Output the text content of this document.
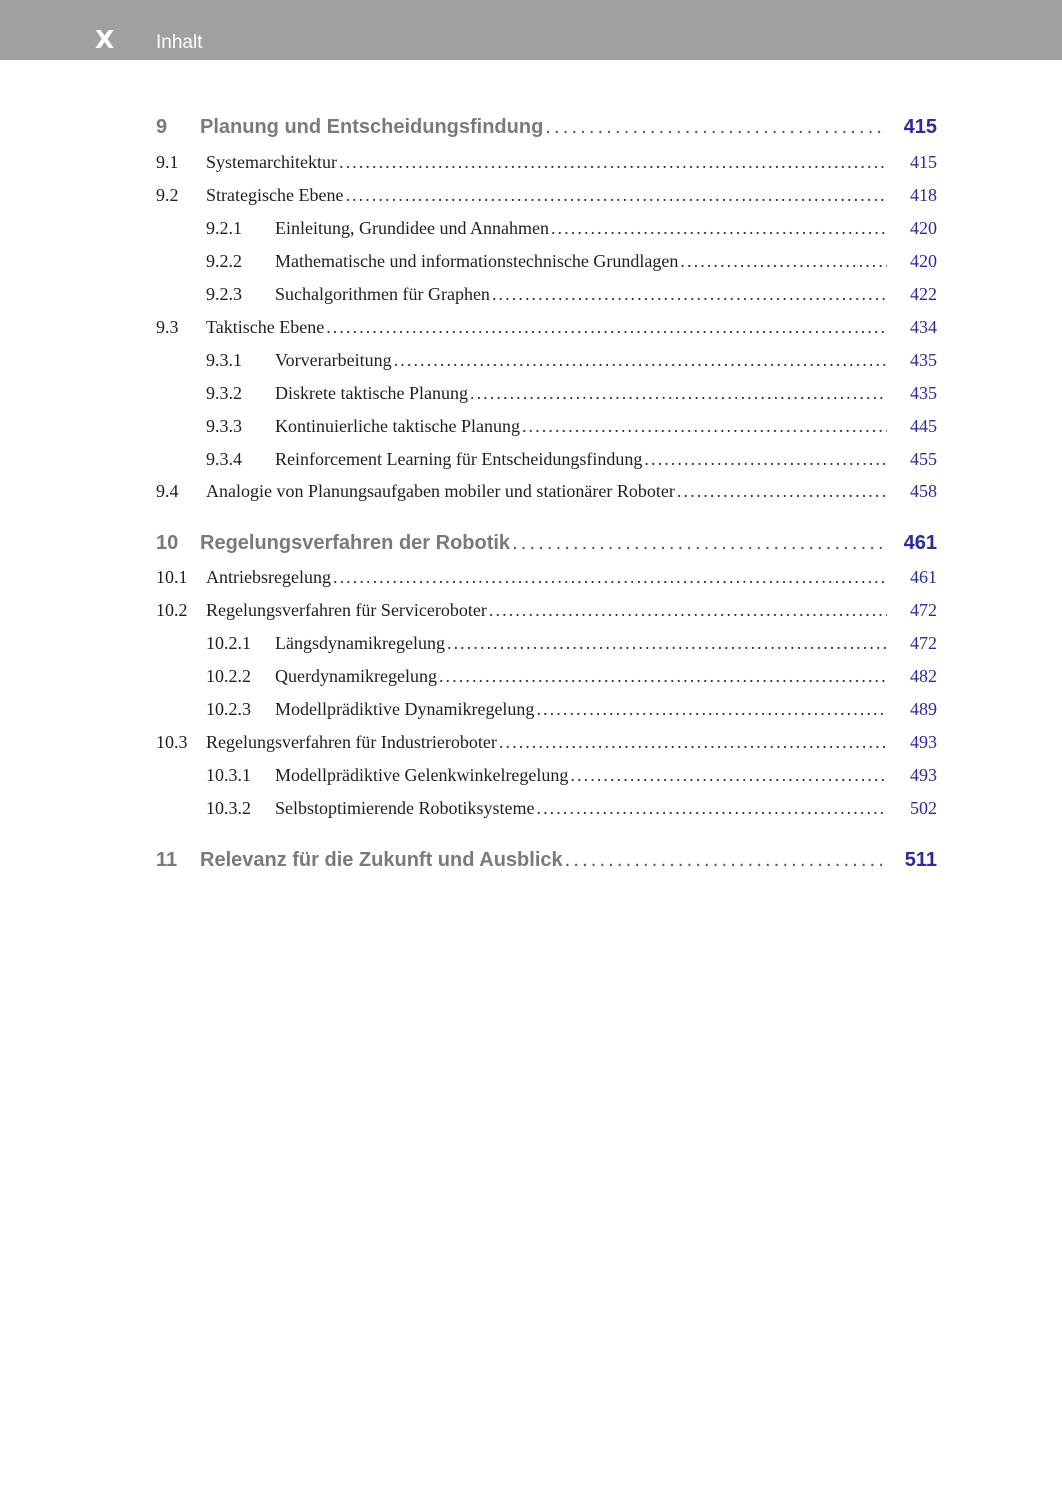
X Inhalt
9	Planung und Entscheidungsfindung . . .	415
9.1	Systemarchitektur . . .	415
9.2	Strategische Ebene . . .	418
9.2.1	Einleitung, Grundidee und Annahmen . . .	420
9.2.2	Mathematische und informationstechnische Grundlagen . . .	420
9.2.3	Suchalgorithmen für Graphen . . .	422
9.3	Taktische Ebene . . .	434
9.3.1	Vorverarbeitung . . .	435
9.3.2	Diskrete taktische Planung . . .	435
9.3.3	Kontinuierliche taktische Planung . . .	445
9.3.4	Reinforcement Learning für Entscheidungsfindung . . .	455
9.4	Analogie von Planungsaufgaben mobiler und stationärer Roboter . . .	458
10	Regelungsverfahren der Robotik . . .	461
10.1	Antriebsregelung . . .	461
10.2	Regelungsverfahren für Serviceroboter . . .	472
10.2.1	Längsdynamikregelung . . .	472
10.2.2	Querdynamikregelung . . .	482
10.2.3	Modellprädiktive Dynamikregelung . . .	489
10.3	Regelungsverfahren für Industrieroboter . . .	493
10.3.1	Modellprädiktive Gelenkwinkelregelung . . .	493
10.3.2	Selbstoptimierende Robotiksysteme . . .	502
11	Relevanz für die Zukunft und Ausblick . . .	511
